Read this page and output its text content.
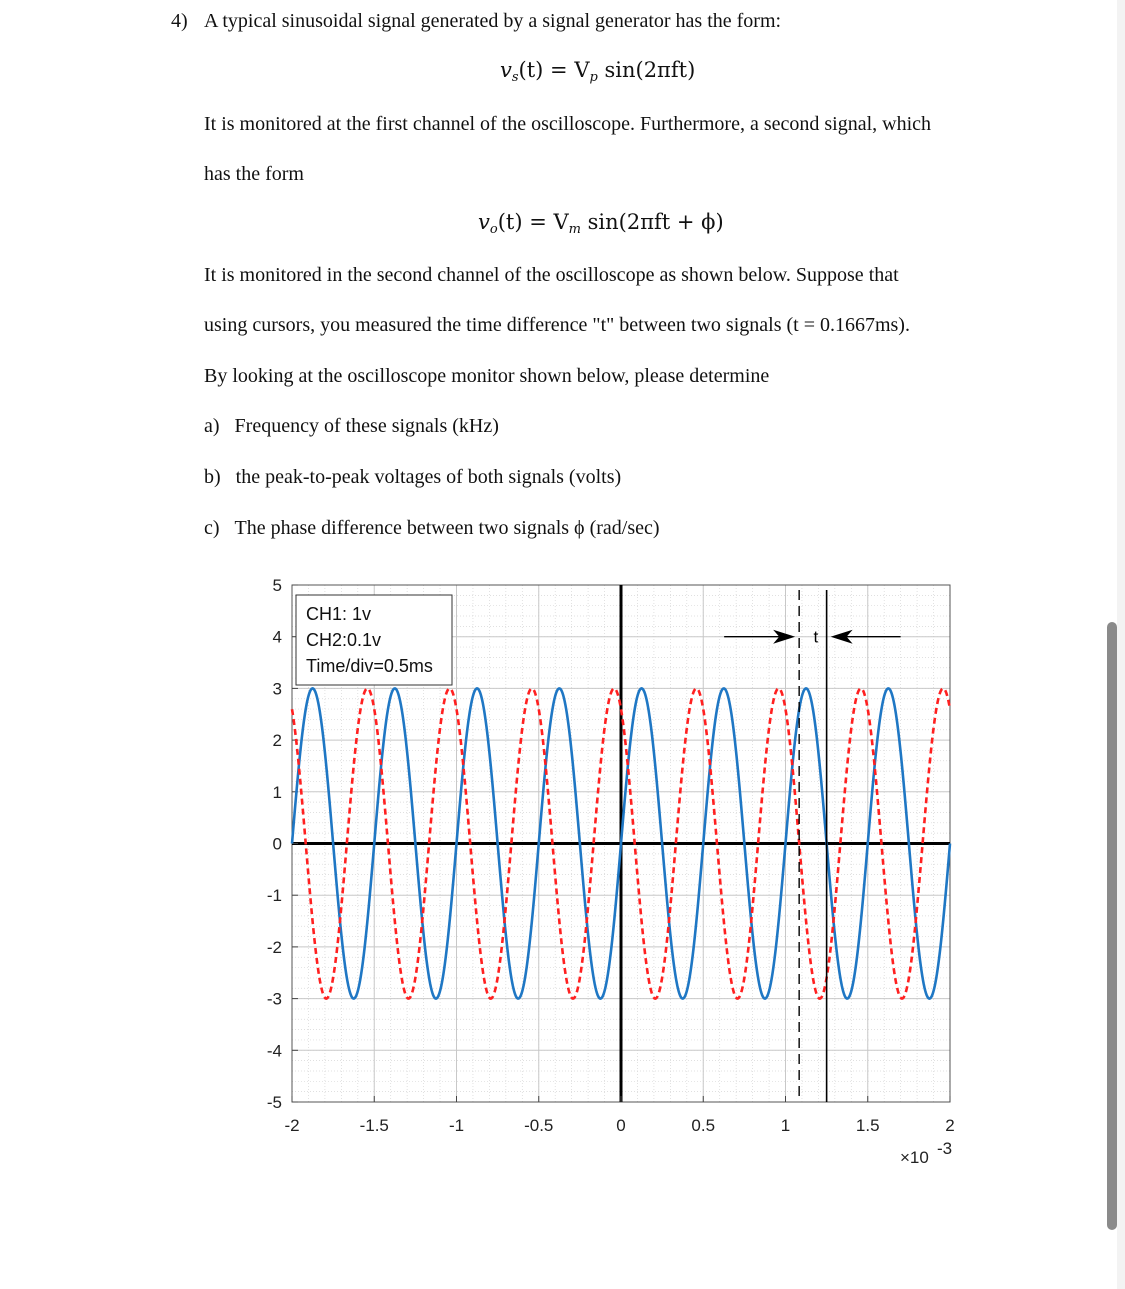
4) A typical sinusoidal signal generated by a signal generator has the form:
$v_s(t) = V_p$ sin(2πft)
It is monitored at the first channel of the oscilloscope. Furthermore, a second signal, which
has the form
$v_o(t) = V_m$ sin(2πft + ϕ)
It is monitored in the second channel of the oscilloscope as shown below. Suppose that
using cursors, you measured the time difference "t" between two signals (t = 0.1667ms).
By looking at the oscilloscope monitor shown below, please determine
a) Frequency of these signals (kHz)
b) the peak-to-peak voltages of both signals (volts)
c) The phase difference between two signals ϕ (rad/sec)
t
CH1: 1v
CH2:0.1v
Time/div=0.5ms
-2	-1.5	-1	-0.5	0	0.5	1	1.5	2
5
4
3
2
1
0
-1
-2
-3
-4
-5
×10 -3
